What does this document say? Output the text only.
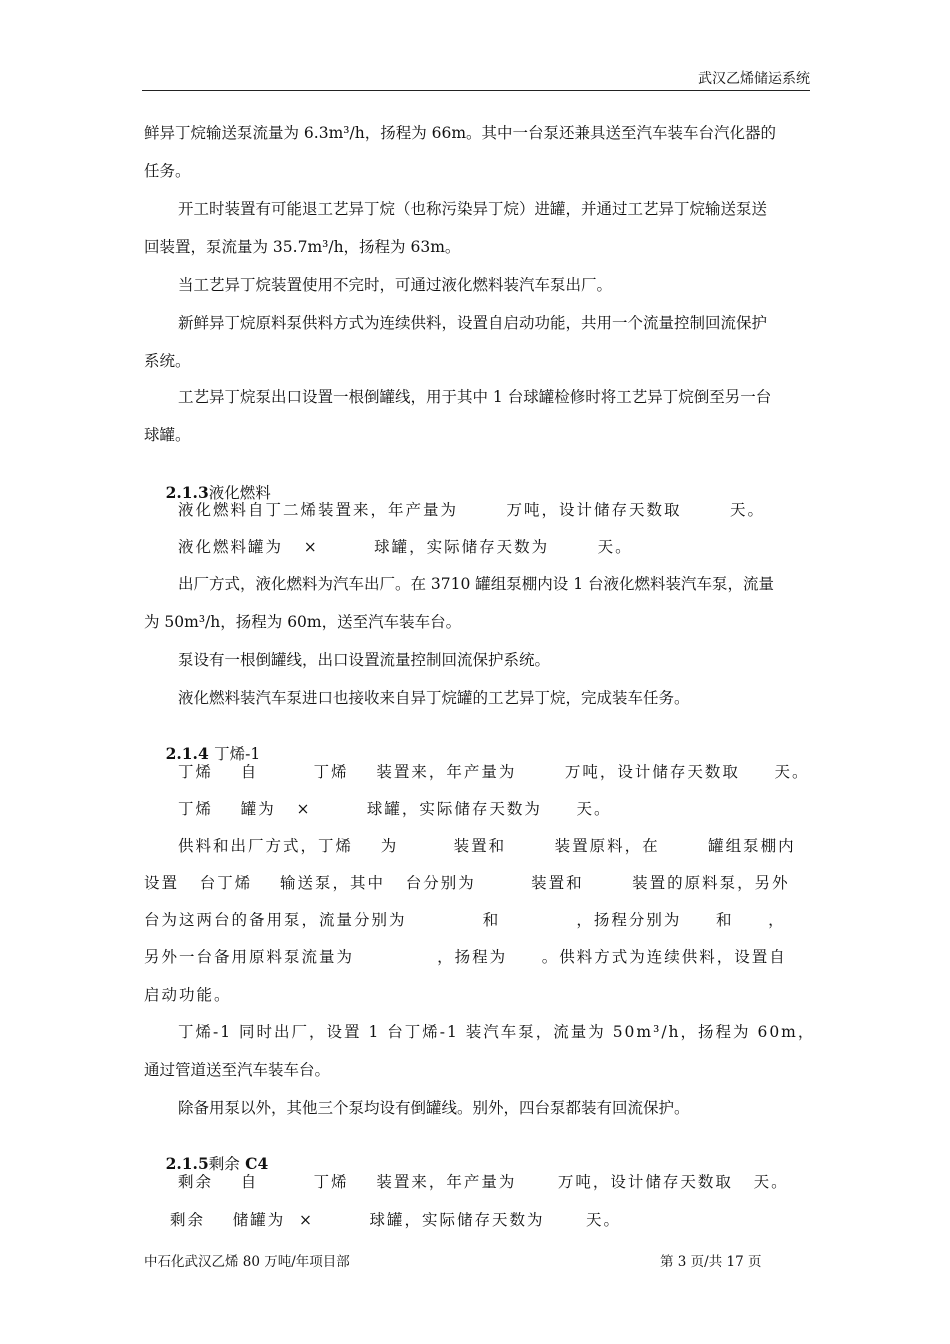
武汉乙烯储运系统
鲜异丁烷输送泵流量为 6.3m³/h，扬程为 66m。其中一台泵还兼具送至汽车装车台汽化器的
任务。
开工时装置有可能退工艺异丁烷（也称污染异丁烷）进罐，并通过工艺异丁烷输送泵送
回装置，泵流量为 35.7m³/h，扬程为 63m。
当工艺异丁烷装置使用不完时，可通过液化燃料装汽车泵出厂。
新鲜异丁烷原料泵供料方式为连续供料，设置自启动功能，共用一个流量控制回流保护
系统。
工艺异丁烷泵出口设置一根倒罐线，用于其中 1 台球罐检修时将工艺异丁烷倒至另一台
球罐。

2.1.3液化燃料

液化燃料自丁二烯装置来，年产量为       万吨，设计储存天数取       天。
液化燃料罐为   ×        球罐，实际储存天数为       天。
出厂方式，液化燃料为汽车出厂。在 3710 罐组泵棚内设 1 台液化燃料装汽车泵，流量
为 50m³/h，扬程为 60m，送至汽车装车台。
泵设有一根倒罐线，出口设置流量控制回流保护系统。
液化燃料装汽车泵进口也接收来自异丁烷罐的工艺异丁烷，完成装车任务。

2.1.4 丁烯-1

丁烯    自        丁烯    装置来，年产量为       万吨，设计储存天数取     天。
丁烯    罐为   ×        球罐，实际储存天数为     天。
供料和出厂方式，丁烯    为        装置和       装置原料，在       罐组泵棚内
设置   台丁烯    输送泵，其中   台分别为        装置和       装置的原料泵，另外
台为这两台的备用泵，流量分别为           和           ，扬程分别为     和     ，
另外一台备用原料泵流量为            ，扬程为     。供料方式为连续供料，设置自
启动功能。
丁烯-1 同时出厂，设置 1 台丁烯-1 装汽车泵，流量为 50m³/h，扬程为 60m，
通过管道送至汽车装车台。
除备用泵以外，其他三个泵均设有倒罐线。别外，四台泵都装有回流保护。

2.1.5剩余 C4

剩余    自        丁烯    装置来，年产量为      万吨，设计储存天数取   天。
剩余    储罐为  ×        球罐，实际储存天数为      天。
中石化武汉乙烯 80 万吨/年项目部	第 3 页/共 17 页
